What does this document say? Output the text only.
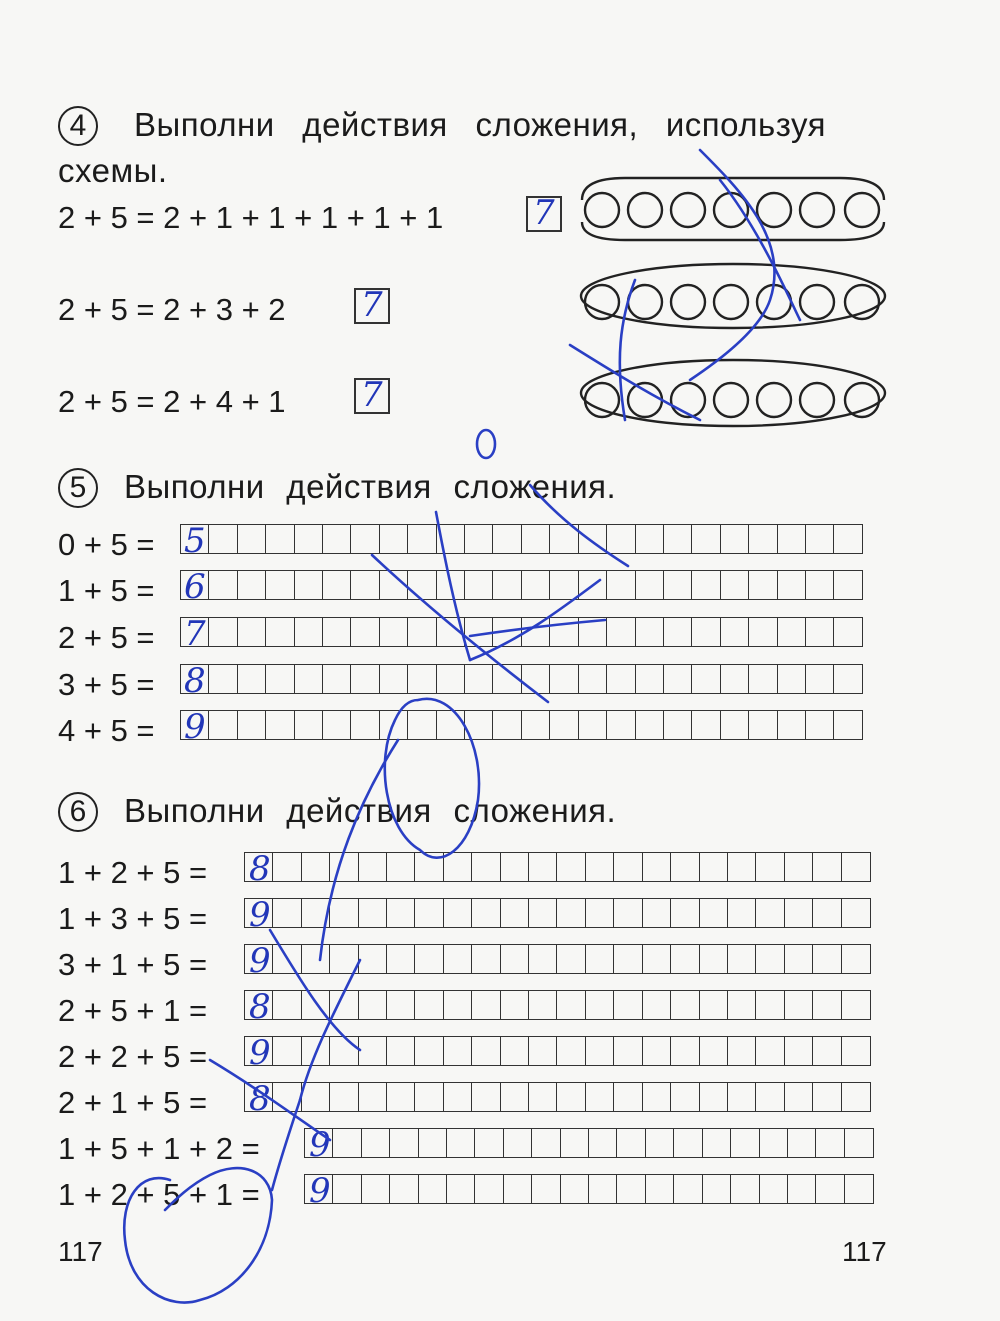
4 Выполни действия сложения, используя
схемы.
2 + 5 = 2 + 1 + 1 + 1 + 1 + 1	7
2 + 5 = 2 + 3 + 2 7
2 + 5 = 2 + 4 + 1 7
5 Выполни действия сложения.
0 + 5 =
1 + 5 =
2 + 5 =
3 + 5 =
4 + 5 =
5
6
7
8
9
6 Выполни действия сложения.
1 + 2 + 5 =
1 + 3 + 5 =
3 + 1 + 5 =
2 + 5 + 1 =
2 + 2 + 5 =
2 + 1 + 5 =
1 + 5 + 1 + 2 =
1 + 2 + 5 + 1 =
8
9
9
8
9
8
9
9
117	117
